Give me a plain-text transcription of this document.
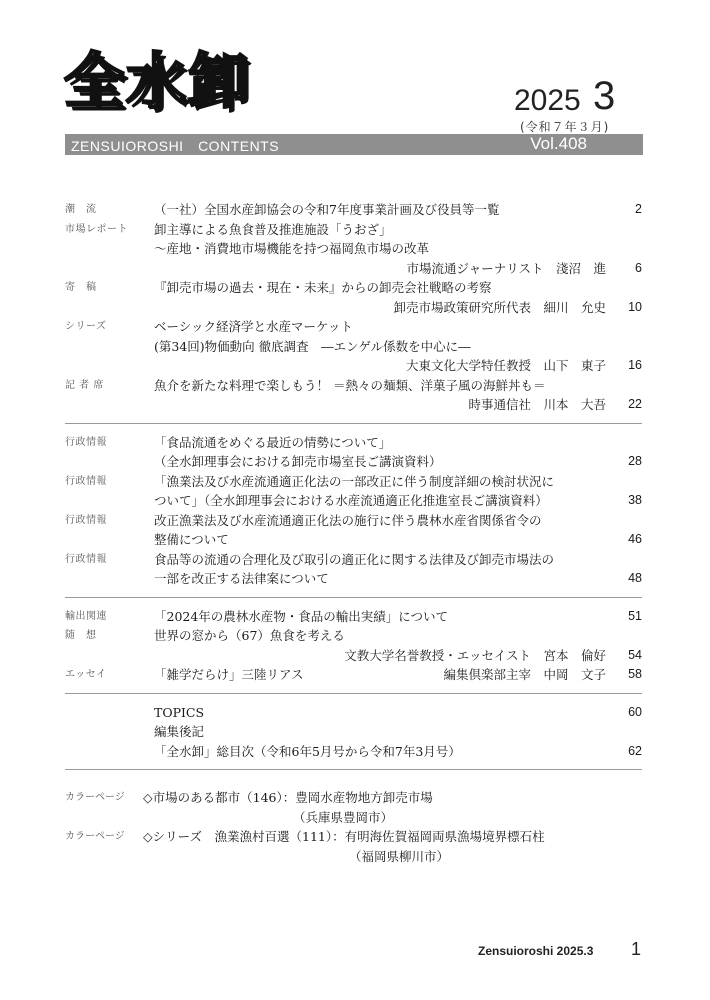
全水卸	2025 3
(令和７年３月)
ZENSUIOROSHI　CONTENTS	Vol.408
潮　流	（一社）全国水産卸協会の令和7年度事業計画及び役員等一覧	2
市場レポート 卸主導による魚食普及推進施設「うおざ」
～産地・消費地市場機能を持つ福岡魚市場の改革
市場流通ジャーナリスト　淺沼　進 6
寄　稿	『卸売市場の過去・現在・未来』からの卸売会社戦略の考察
卸売市場政策研究所代表　細川　允史 10
シリーズ	ベーシック経済学と水産マーケット
(第34回)物価動向 徹底調査　―エンゲル係数を中心に―
大東文化大学特任教授　山下　東子 16
記 者 席	魚介を新たな料理で楽しもう！ ＝熱々の麺類、洋菓子風の海鮮丼も＝
時事通信社　川本　大吾 22
行政情報	「食品流通をめぐる最近の情勢について」
（全水卸理事会における卸売市場室長ご講演資料）	28
行政情報	「漁業法及び水産流通適正化法の一部改正に伴う制度詳細の検討状況に
ついて」（全水卸理事会における水産流通適正化推進室長ご講演資料）	38
行政情報	改正漁業法及び水産流通適正化法の施行に伴う農林水産省関係省令の
整備について	46
行政情報	食品等の流通の合理化及び取引の適正化に関する法律及び卸売市場法の
一部を改正する法律案について	48
輸出関連	「2024年の農林水産物・食品の輸出実績」について	51
随　想	世界の窓から（67）魚食を考える
文教大学名誉教授・エッセイスト　宮本　倫好 54
エッセイ	「雑学だらけ」三陸リアス	編集倶楽部主宰　中岡　文子 58
TOPICS	60
編集後記
「全水卸」総目次（令和6年5月号から令和7年3月号）	62
カラーページ ◇市場のある都市（146）：豊岡水産物地方卸売市場
（兵庫県豊岡市）
カラーページ ◇シリーズ　漁業漁村百選（111）：有明海佐賀福岡両県漁場境界標石柱
（福岡県柳川市）
Zensuioroshi 2025.3 1
